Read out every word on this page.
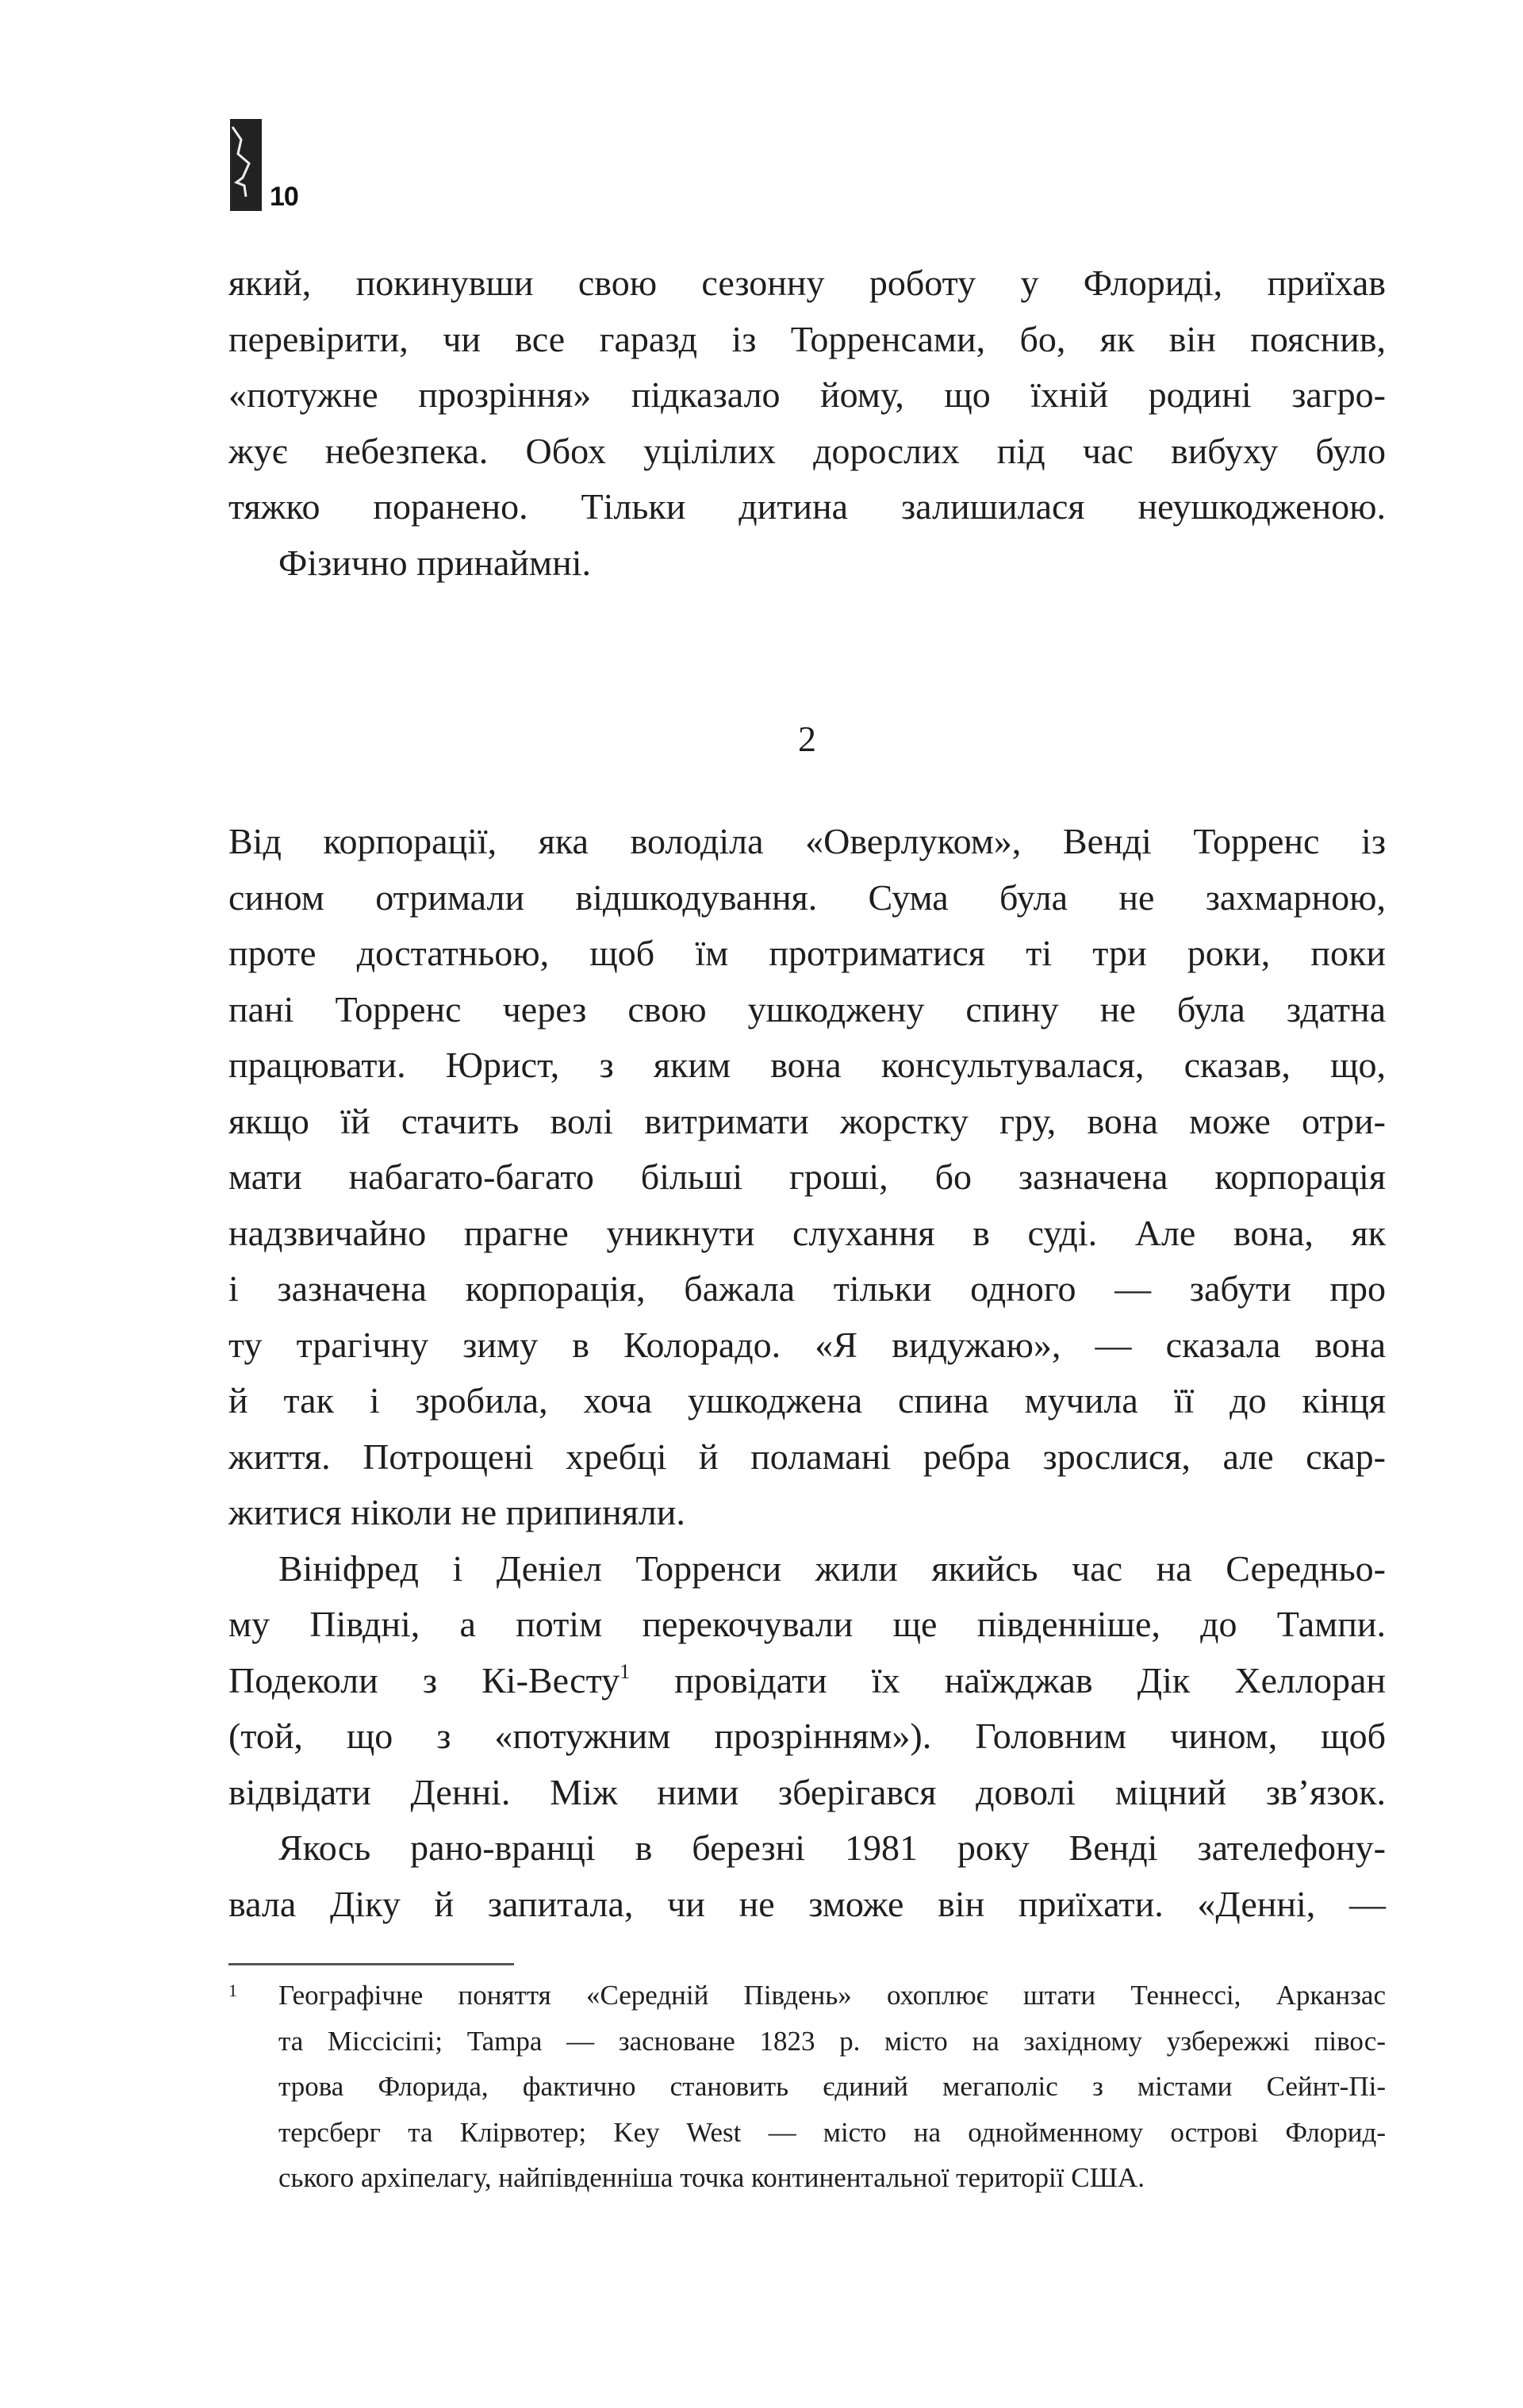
10
який, покинувши свою сезонну роботу у Флориді, приїхав
перевірити, чи все гаразд із Торренсами, бо, як він пояснив,
«потужне прозріння» підказало йому, що їхній родині загро-
жує небезпека. Обох уцілілих дорослих під час вибуху було
тяжко поранено. Тільки дитина залишилася неушкодженою.
Фізично принаймні.
2
Від корпорації, яка володіла «Оверлуком», Венді Торренс із
сином отримали відшкодування. Сума була не захмарною,
проте достатньою, щоб їм протриматися ті три роки, поки
пані Торренс через свою ушкоджену спину не була здатна
працювати. Юрист, з яким вона консультувалася, сказав, що,
якщо їй стачить волі витримати жорстку гру, вона може отри-
мати набагато-багато більші гроші, бо зазначена корпорація
надзвичайно прагне уникнути слухання в суді. Але вона, як
і зазначена корпорація, бажала тільки одного — забути про
ту трагічну зиму в Колорадо. «Я видужаю», — сказала вона
й так і зробила, хоча ушкоджена спина мучила її до кінця
життя. Потрощені хребці й поламані ребра зрослися, але скар-
житися ніколи не припиняли.
Вініфред і Деніел Торренси жили якийсь час на Середньо-
му Півдні, а потім перекочували ще південніше, до Тампи.
Подеколи з Кі-Весту$^1$ провідати їх наїжджав Дік Хеллоран
(той, що з «потужним прозрінням»). Головним чином, щоб
відвідати Денні. Між ними зберігався доволі міцний зв’язок.
Якось рано-вранці в березні 1981 року Венді зателефону-
вала Діку й запитала, чи не зможе він приїхати. «Денні, —
1 Географічне поняття «Середній Південь» охоплює штати Теннессі, Арканзас
та Міссісіпі; Tampa — засноване 1823 р. місто на західному узбережжі півос-
трова Флорида, фактично становить єдиний мегаполіс з містами Сейнт-Пі-
терсберг та Клірвотер; Key West — місто на однойменному острові Флорид-
ського архіпелагу, найпівденніша точка континентальної території США.
